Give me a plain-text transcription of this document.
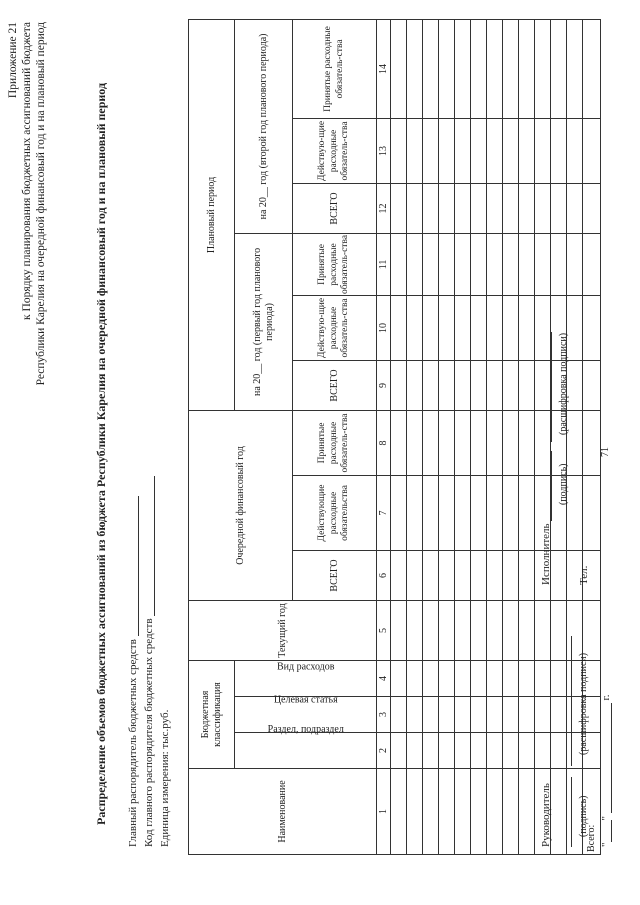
Приложение 21 к Порядку планирования бюджетных ассигнований бюджета Республики Карелия на очередной финансовый год и на плановый период	Распределение объемов бюджетных ассигнований из бюджета Республики Карелия на очередной финансовый год и на плановый период Главный распорядитель бюджетных средств Код главного распорядителя бюджетных средств Единица измерения: тыс.руб.	Наименование	Бюджетная классификация			Текущий год	Очередной финансовый год			Плановый период					
	Раздел, подраздел	Целевая статья	Вид расходов					на 20__ год (первый год планового периода)			на 20__ год (второй год планового периода)		
					ВСЕГО	Действующие расходные обязательства	Принятые расходные обязатель-ства	ВСЕГО	Действую-щие расходные обязатель-ства	Принятые расходные обязатель-ства	ВСЕГО	Действую-щие расходные обязатель-ства	Принятые расходные обязатель-ства
1	2	3	4	5	6	7	8	9	10	11	12	13	14

Всего:													
Руководитель
	(подпись)
(расшифровка подписи)
""  г.
Исполнитель
(подпись)
(расшифровка подписи)
Тел.
71
